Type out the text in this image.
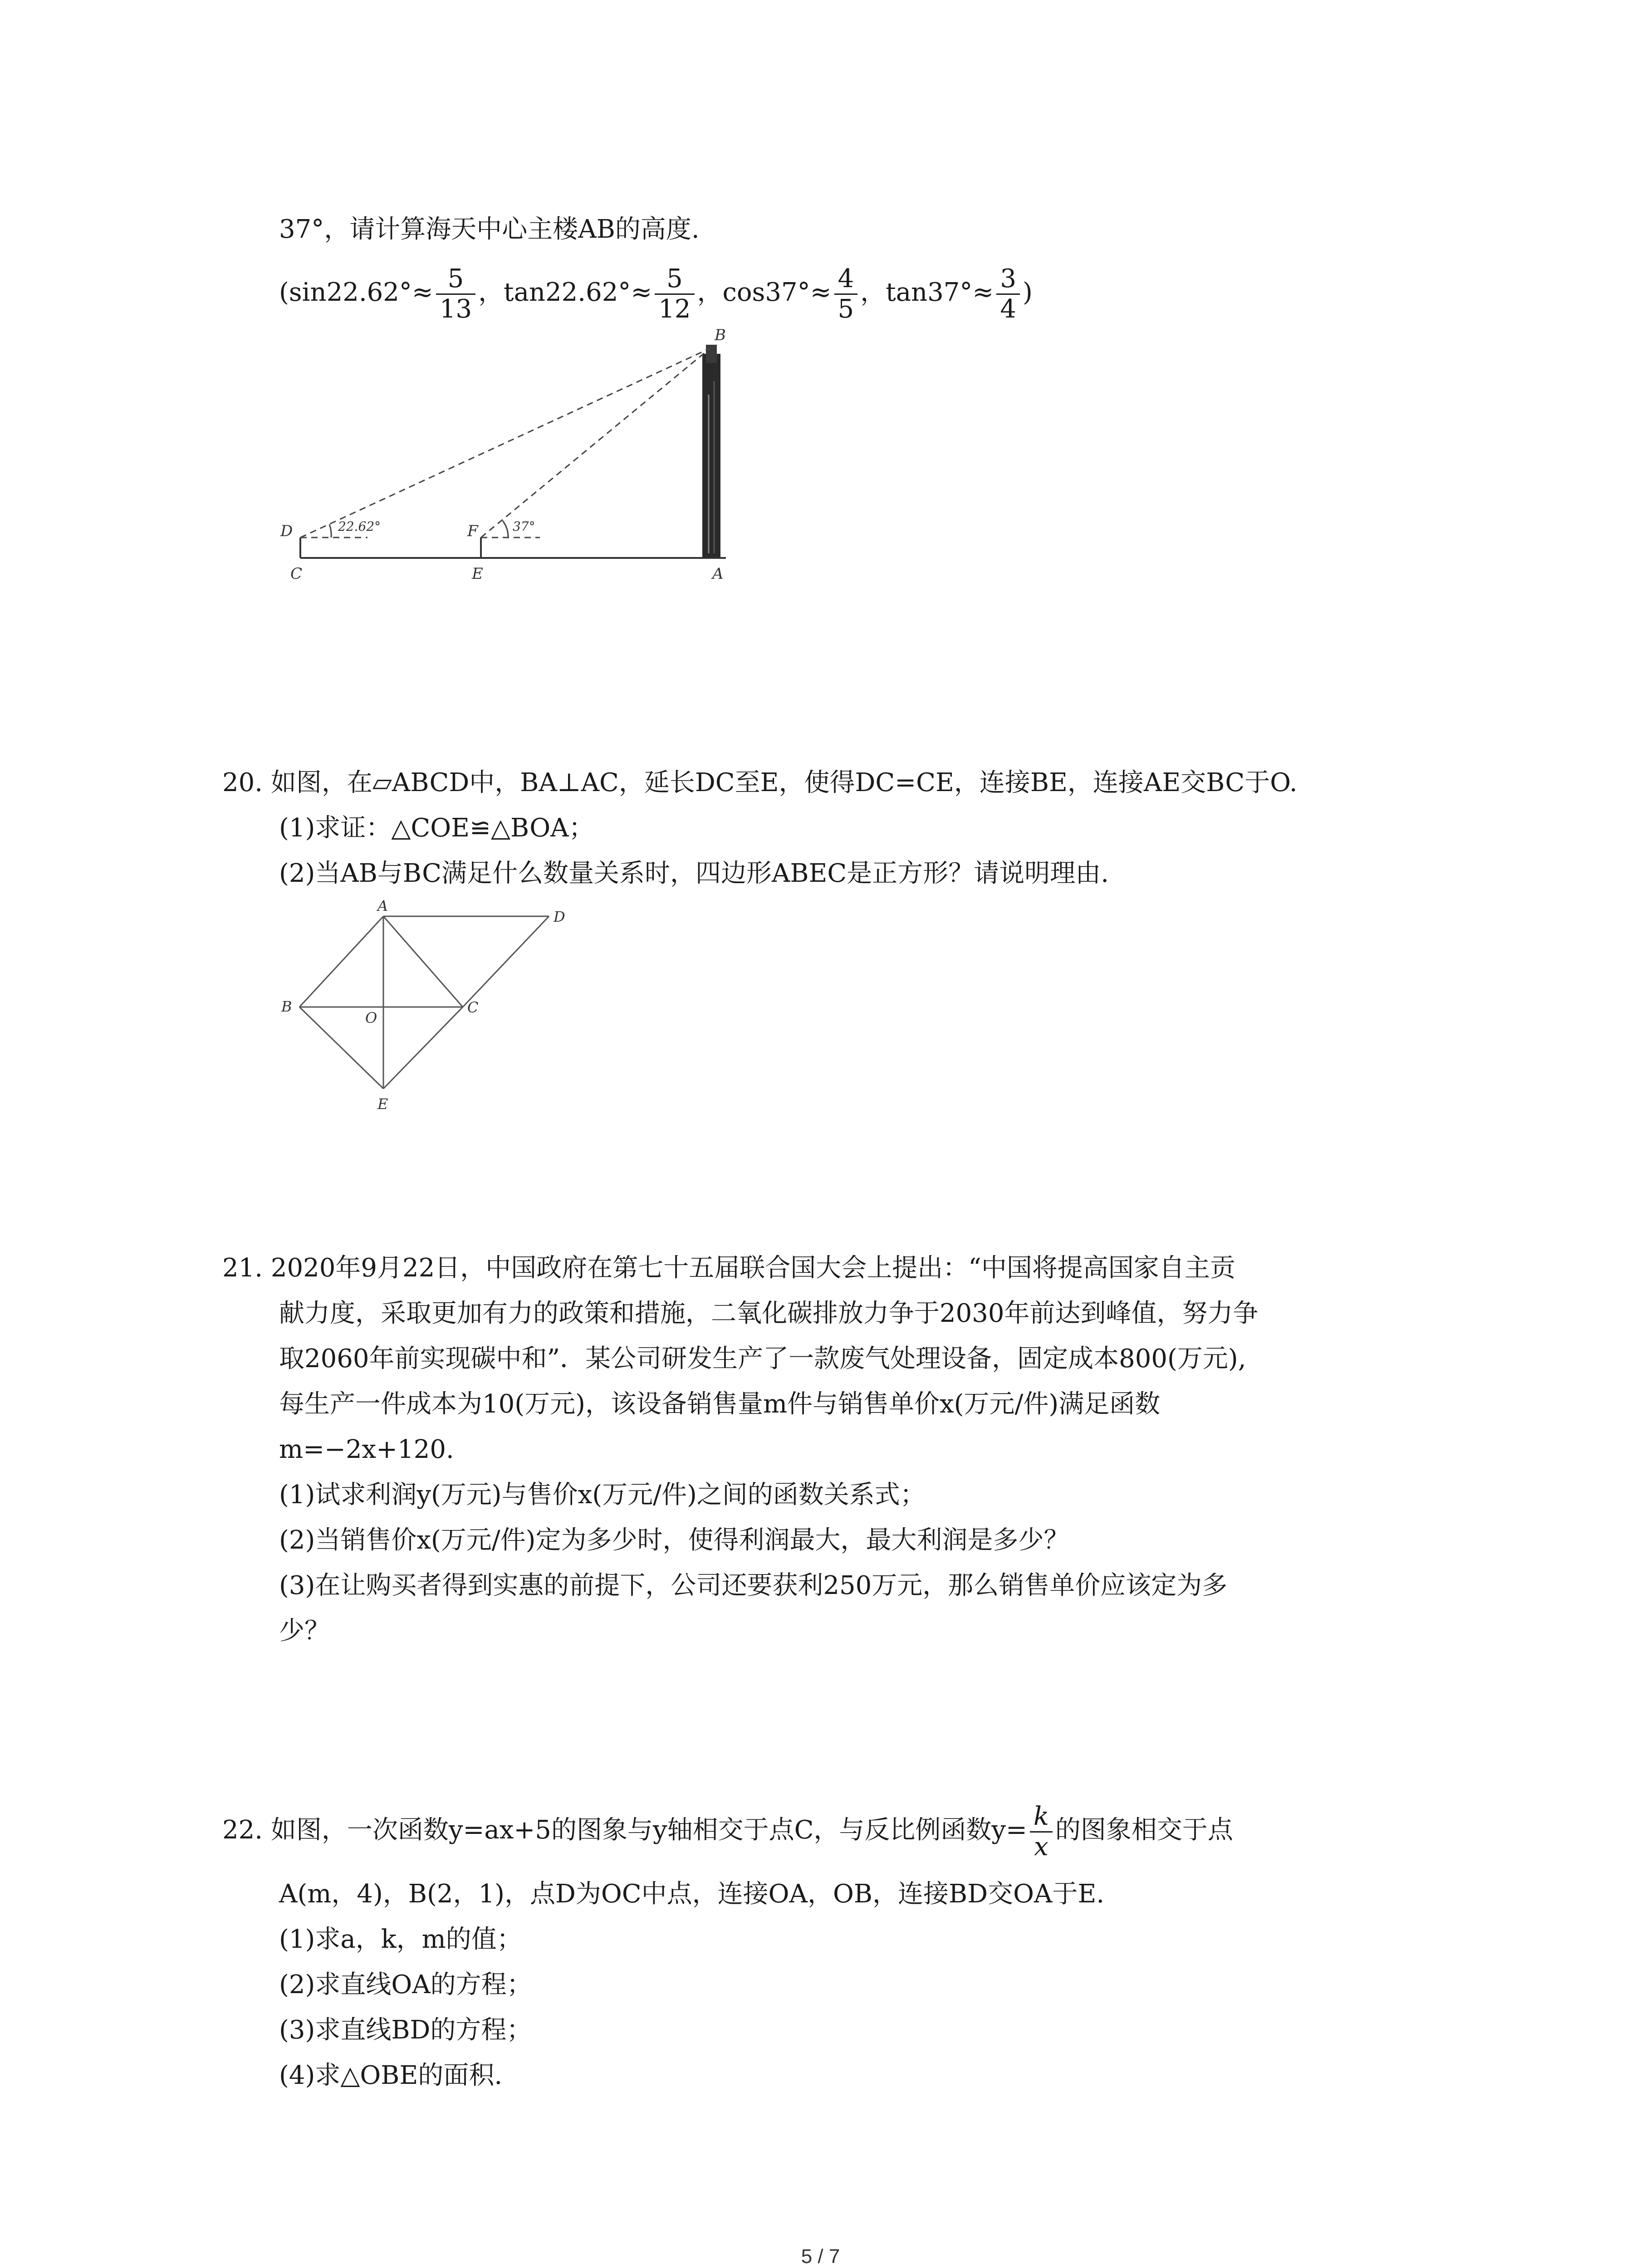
37°，请计算海天中心主楼AB的高度.
($\sin 22.62^\circ\approx \frac{5}{13}$ ，$\tan 22.62^\circ\approx \frac{5}{12}$ ，$\cos 37^\circ\approx \frac{4}{5}$ ，$\tan 37^\circ\approx \frac{3}{4}$ )
B
D	22.62°	F	37°
C	E	A
20. 如图，在▱ABCD中，BA⊥AC，延长DC至E，使得DC=CE，连接BE，连接AE交BC于O.
(1)求证：△COE≌△BOA；
(2)当AB与BC满足什么数量关系时，四边形ABEC是正方形？请说明理由.
A
D
B
O
C
E
21. 2020年9月22日，中国政府在第七十五届联合国大会上提出：“中国将提高国家自主贡
献力度，采取更加有力的政策和措施，二氧化碳排放力争于2030年前达到峰值，努力争
取2060年前实现碳中和”．某公司研发生产了一款废气处理设备，固定成本800(万元),
每生产一件成本为10(万元)，该设备销售量m件与销售单价x(万元/件)满足函数
m=−2x+120.
(1)试求利润y(万元)与售价x(万元/件)之间的函数关系式；
(2)当销售价x(万元/件)定为多少时，使得利润最大，最大利润是多少？
(3)在让购买者得到实惠的前提下，公司还要获利250万元，那么销售单价应该定为多
少？
22. 如图，一次函数y=ax+5的图象与y轴相交于点C，与反比例函数$y= \frac{k}{x}$ 的图象相交于点
A(m，4)，B(2，1)，点D为OC中点，连接OA，OB，连接BD交OA于E.
(1)求a，k，m的值；
(2)求直线OA的方程；
(3)求直线BD的方程；
(4)求△OBE的面积.
5 / 7
